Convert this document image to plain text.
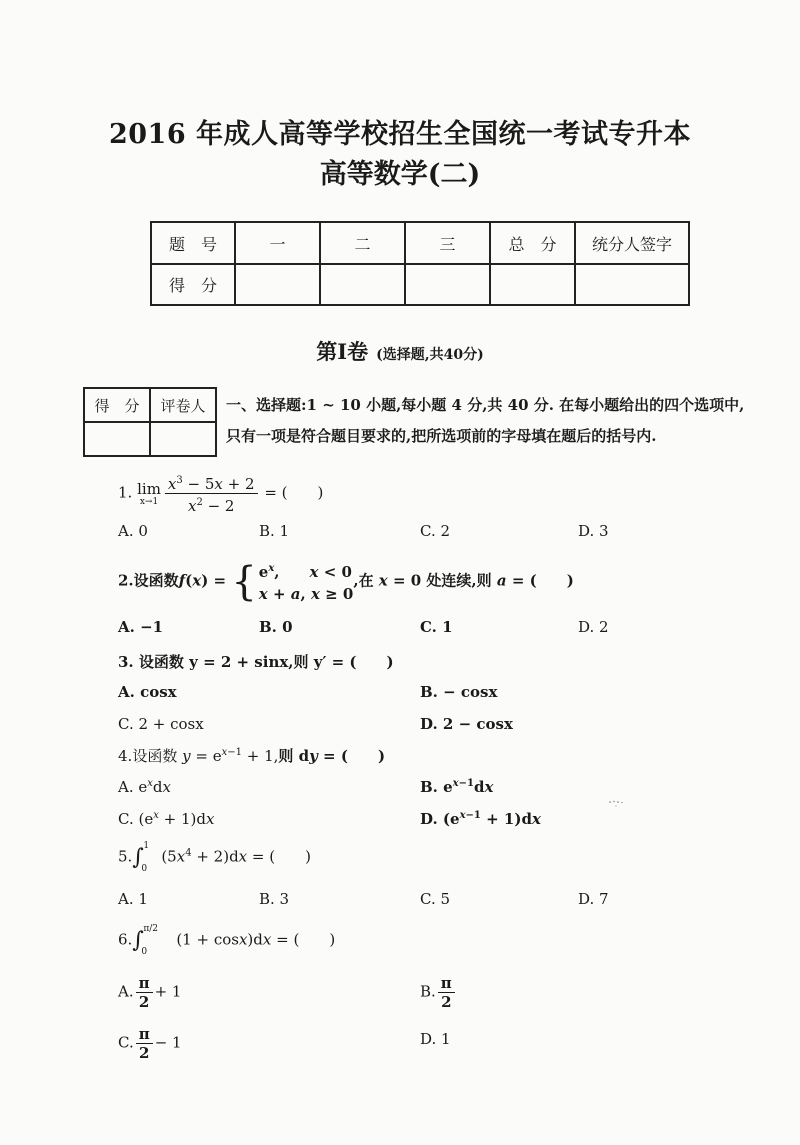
2016 年成人高等学校招生全国统一考试专升本
高等数学(二)
题　号	一	二	三	总　分	统分人签字
得　分					
第Ⅰ卷 (选择题,共40分)
得　分	评卷人
	一、选择题:1 ~ 10 小题,每小题 4 分,共 40 分. 在每小题给出的四个选项中,只有一项是符合题目要求的,把所选项前的字母填在题后的括号内.
1. lim
$x\to 1 \frac{x^3 - 5x + 2}{x^2 - 2}$ = (　　)
A. 0	B. 1	C. 2	D. 3
2.设函数f(x) = { $e^x$,　　x < 0
x + a, x ≥ 0
,在 x = 0 处连续,则 a = (　　)
A. −1	B. 0	C. 1	D. 2
3. 设函数 y = 2 + sinx,则 y′ = (　　)
A. cosx	B. − cosx
C. 2 + cosx	D. 2 − cosx
4.设函数 $y = e^{x-1} + 1$,则 dy = (　　)
A. $e^xdx$	B. $e^{x-1}dx$
C. $(e^x + 1)dx$	D. $(e^{x-1} + 1)dx$
5.∫ 1
0
　$(5x^4 + 2)dx$ = (　　)
A. 1	B. 3	C. 5	D. 7
6.∫ π/2
0
　　(1 + cosx)dx = (　　)
A. $\frac{\pi}{2} + 1$	B. $\frac{\pi}{2}$
C. $\frac{\pi}{2} - 1$	D. 1
